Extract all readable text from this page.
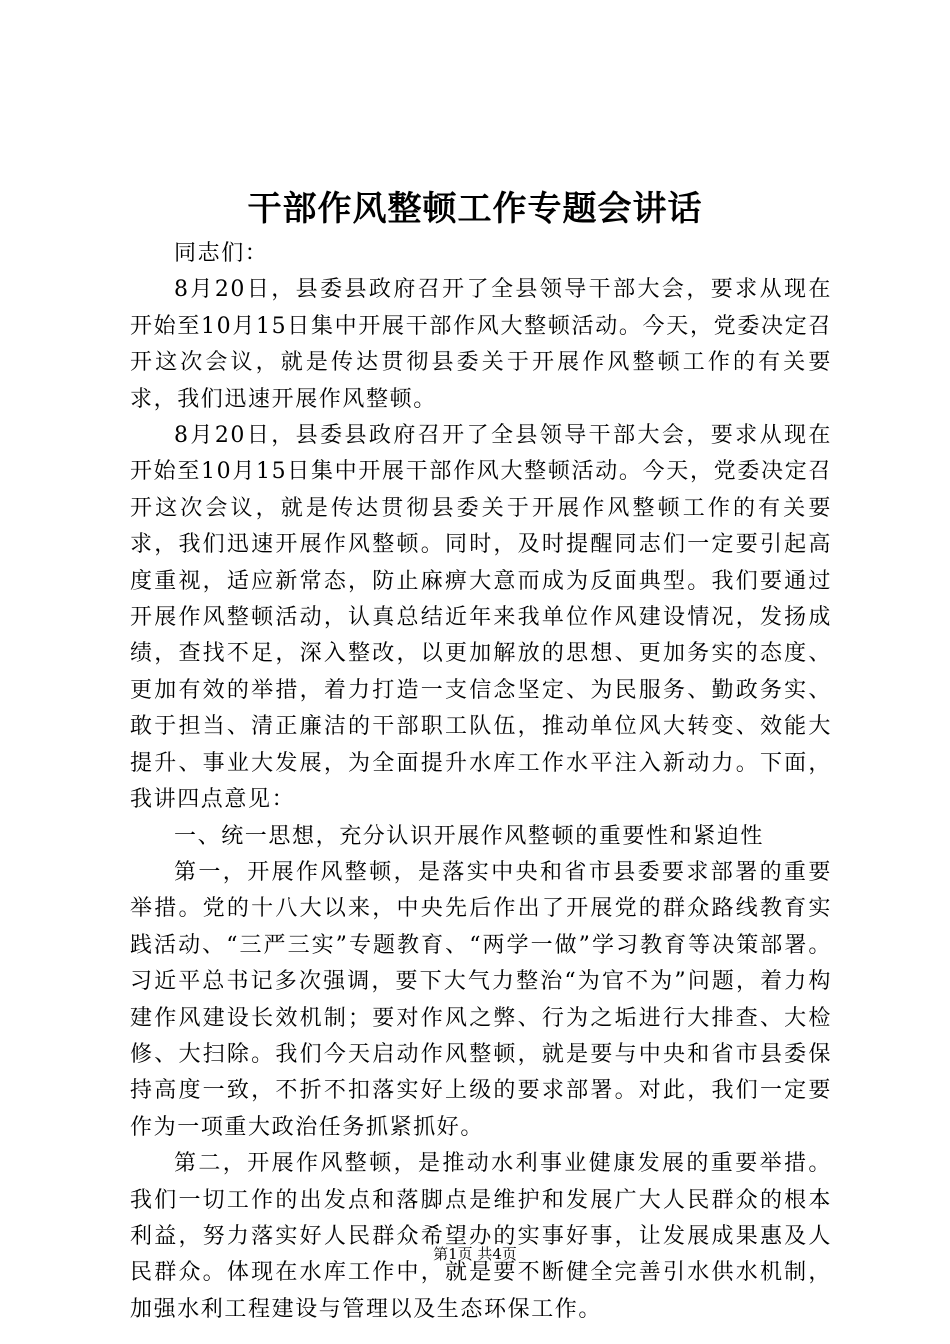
干部作风整顿工作专题会讲话

同志们：

8月20日，县委县政府召开了全县领导干部大会，要求从现在开始至10月15日集中开展干部作风大整顿活动。今天，党委决定召开这次会议，就是传达贯彻县委关于开展作风整顿工作的有关要求，我们迅速开展作风整顿。

8月20日，县委县政府召开了全县领导干部大会，要求从现在开始至10月15日集中开展干部作风大整顿活动。今天，党委决定召开这次会议，就是传达贯彻县委关于开展作风整顿工作的有关要求，我们迅速开展作风整顿。同时，及时提醒同志们一定要引起高度重视，适应新常态，防止麻痹大意而成为反面典型。我们要通过开展作风整顿活动，认真总结近年来我单位作风建设情况，发扬成绩，查找不足，深入整改，以更加解放的思想、更加务实的态度、更加有效的举措，着力打造一支信念坚定、为民服务、勤政务实、敢于担当、清正廉洁的干部职工队伍，推动单位风大转变、效能大提升、事业大发展，为全面提升水库工作水平注入新动力。下面，我讲四点意见：

一、统一思想，充分认识开展作风整顿的重要性和紧迫性

第一，开展作风整顿，是落实中央和省市县委要求部署的重要举措。党的十八大以来，中央先后作出了开展党的群众路线教育实践活动、“三严三实”专题教育、“两学一做”学习教育等决策部署。习近平总书记多次强调，要下大气力整治“为官不为”问题，着力构建作风建设长效机制；要对作风之弊、行为之垢进行大排查、大检修、大扫除。我们今天启动作风整顿，就是要与中央和省市县委保持高度一致，不折不扣落实好上级的要求部署。对此，我们一定要作为一项重大政治任务抓紧抓好。

第二，开展作风整顿，是推动水利事业健康发展的重要举措。我们一切工作的出发点和落脚点是维护和发展广大人民群众的根本利益，努力落实好人民群众希望办的实事好事，让发展成果惠及人民群众。体现在水库工作中，就是要不断健全完善引水供水机制，加强水利工程建设与管理以及生态环保工作。

第1页 共4页
